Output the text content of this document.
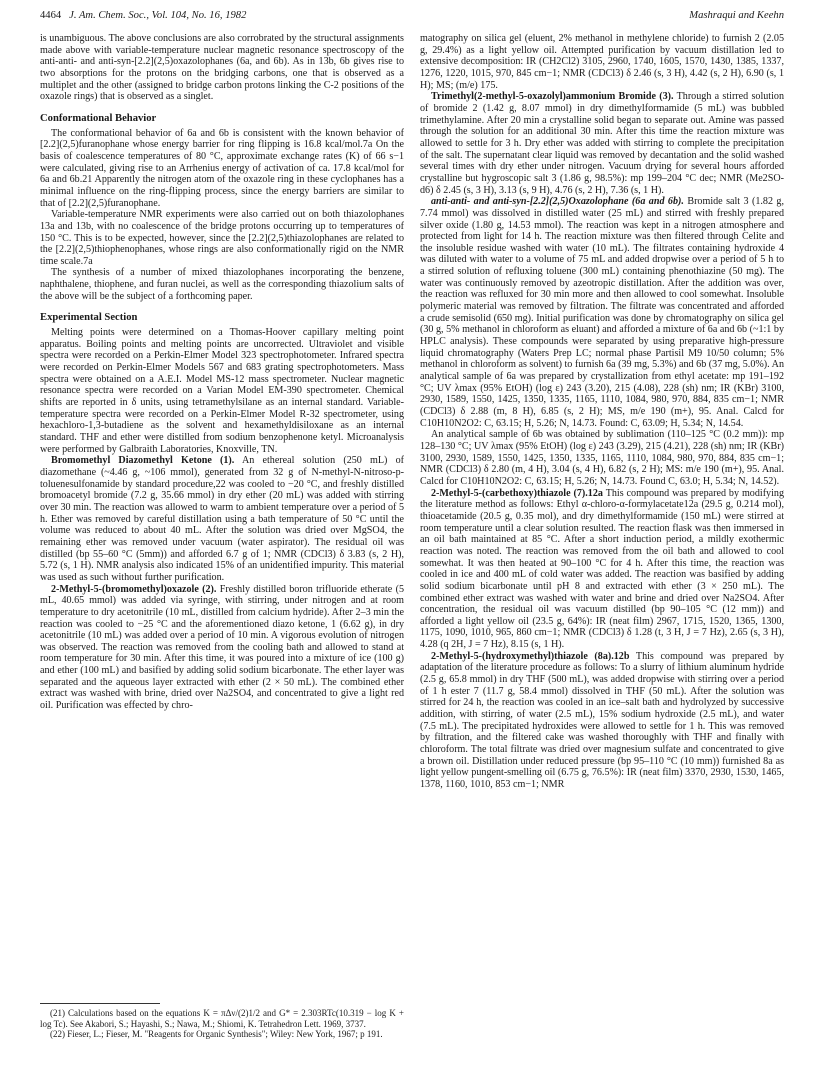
4464 J. Am. Chem. Soc., Vol. 104, No. 16, 1982	Mashraqui and Keehn

is unambiguous. The above conclusions are also corrobrated by the structural assignments made above with variable-temperature nuclear magnetic resonance spectroscopy of the anti-anti- and anti-syn-[2.2](2,5)oxazolophanes (6a, and 6b). As in 13b, 6b gives rise to two absorptions for the protons on the bridging carbons, one that is observed as a multiplet and the other (assigned to bridge carbon protons linking the C-2 positions of the oxazole rings) that is observed as a singlet.

Conformational Behavior

The conformational behavior of 6a and 6b is consistent with the known behavior of [2.2](2,5)furanophane whose energy barrier for ring flipping is 16.8 kcal/mol.7a On the basis of coalescence temperatures of 80 °C, approximate exchange rates (K) of 66 s−1 were calculated, giving rise to an Arrhenius energy of activation of ca. 17.8 kcal/mol for 6a and 6b.21 Apparently the nitrogen atom of the oxazole ring in these cyclophanes has a minimal influence on the ring-flipping process, since the energy barriers are similar to that of [2.2](2,5)furanophane.

Variable-temperature NMR experiments were also carried out on both thiazolophanes 13a and 13b, with no coalescence of the bridge protons occurring up to temperatures of 150 °C. This is to be expected, however, since the [2.2](2,5)thiazolophanes are related to the [2.2](2,5)thiophenophanes, whose rings are also conformationally rigid on the NMR time scale.7a

The synthesis of a number of mixed thiazolophanes incorporating the benzene, naphthalene, thiophene, and furan nuclei, as well as the corresponding thiazolium salts of the above will be the subject of a forthcoming paper.

Experimental Section

Melting points were determined on a Thomas-Hoover capillary melting point apparatus. Boiling points and melting points are uncorrected. Ultraviolet and visible spectra were recorded on a Perkin-Elmer Model 323 spectrophotometer. Infrared spectra were recorded on Perkin-Elmer Models 567 and 683 grating spectrophotometers. Mass spectra were obtained on a A.E.I. Model MS-12 mass spectrometer. Nuclear magnetic resonance spectra were recorded on a Varian Model EM-390 spectrometer. Chemical shifts are reported in δ units, using tetramethylsilane as an internal standard. Variable-temperature spectra were recorded on a Perkin-Elmer Model R-32 spectrometer, using hexachloro-1,3-butadiene as the solvent and hexamethyldisiloxane as an internal standard. THF and ether were distilled from sodium benzophenone ketyl. Microanalysis were performed by Galbraith Laboratories, Knoxville, TN.

Bromomethyl Diazomethyl Ketone (1). An ethereal solution (250 mL) of diazomethane (~4.46 g, ~106 mmol), generated from 32 g of N-methyl-N-nitroso-p-toluenesulfonamide by standard procedure,22 was cooled to −20 °C, and freshly distilled bromoacetyl bromide (7.2 g, 35.66 mmol) in dry ether (20 mL) was added with stirring over 30 min. The reaction was allowed to warm to ambient temperature over a period of 5 h. Ether was removed by careful distillation using a bath temperature of 50 °C until the volume was reduced to about 40 mL. After the solution was dried over MgSO4, the remaining ether was removed under vacuum (water aspirator). The residual oil was distilled (bp 55–60 °C (5mm)) and afforded 6.7 g of 1; NMR (CDCl3) δ 3.83 (s, 2 H), 5.72 (s, 1 H). NMR analysis also indicated 15% of an unidentified impurity. This material was used as such without further purification.

2-Methyl-5-(bromomethyl)oxazole (2). Freshly distilled boron trifluoride etherate (5 mL, 40.65 mmol) was added via syringe, with stirring, under nitrogen and at room temperature to dry acetonitrile (10 mL, distilled from calcium hydride). After 2–3 min the reaction was cooled to −25 °C and the aforementioned diazo ketone, 1 (6.62 g), in dry acetonitrile (10 mL) was added over a period of 10 min. A vigorous evolution of nitrogen was observed. The reaction was removed from the cooling bath and allowed to stand at room temperature for 30 min. After this time, it was poured into a mixture of ice (100 g) and ether (100 mL) and basified by adding solid sodium bicarbonate. The ether layer was separated and the aqueous layer extracted with ether (2 × 50 mL). The combined ether extract was washed with brine, dried over Na2SO4, and concentrated to give a light red oil. Purification was effected by chro-

(21) Calculations based on the equations K = πΔν/(2)1/2 and G* = 2.303RTc(10.319 − log K + log Tc). See Akabori, S.; Hayashi, S.; Nawa, M.; Shiomi, K. Tetrahedron Lett. 1969, 3737.

(22) Fieser, L.; Fieser, M. "Reagents for Organic Synthesis"; Wiley: New York, 1967; p 191.

matography on silica gel (eluent, 2% methanol in methylene chloride) to furnish 2 (2.05 g, 29.4%) as a light yellow oil. Attempted purification by vacuum distillation led to extensive decomposition: IR (CH2Cl2) 3105, 2960, 1740, 1605, 1570, 1430, 1385, 1337, 1276, 1220, 1015, 970, 845 cm−1; NMR (CDCl3) δ 2.46 (s, 3 H), 4.42 (s, 2 H), 6.90 (s, 1 H); MS; (m/e) 175.

Trimethyl(2-methyl-5-oxazolyl)ammonium Bromide (3). Through a stirred solution of bromide 2 (1.42 g, 8.07 mmol) in dry dimethylformamide (5 mL) was bubbled trimethylamine. After 20 min a crystalline solid began to separate out. Amine was passed through the solution for an additional 30 min. After this time the reaction mixture was allowed to settle for 3 h. Dry ether was added with stirring to complete the precipitation of the salt. The supernatant clear liquid was removed by decantation and the solid washed several times with dry ether under nitrogen. Vacuum drying for several hours afforded crystalline but hygroscopic salt 3 (1.86 g, 98.5%): mp 199–204 °C dec; NMR (Me2SO-d6) δ 2.45 (s, 3 H), 3.13 (s, 9 H), 4.76 (s, 2 H), 7.36 (s, 1 H).

anti-anti- and anti-syn-[2.2](2,5)Oxazolophane (6a and 6b). Bromide salt 3 (1.82 g, 7.74 mmol) was dissolved in distilled water (25 mL) and stirred with freshly prepared silver oxide (1.80 g, 14.53 mmol). The reaction was kept in a nitrogen atmosphere and protected from light for 14 h. The reaction mixture was then filtered through Celite and the insoluble residue washed with water (10 mL). The filtrates containing hydroxide 4 was diluted with water to a volume of 75 mL and added dropwise over a period of 5 h to a stirred solution of refluxing toluene (300 mL) containing phenothiazine (50 mg). The water was continuously removed by azeotropic distillation. After the addition was over, the reaction was refluxed for 30 min more and then allowed to cool somewhat. Insoluble polymeric material was removed by filtration. The filtrate was concentrated and afforded a crude semisolid (650 mg). Initial purification was done by chromatography on silica gel (30 g, 5% methanol in chloroform as eluant) and afforded a mixture of 6a and 6b (~1:1 by HPLC analysis). These compounds were separated by using preparative high-pressure liquid chromatography (Waters Prep LC; normal phase Partisil M9 10/50 column; 5% methanol in chloroform as solvent) to furnish 6a (39 mg, 5.3%) and 6b (37 mg, 5.0%). An analytical sample of 6a was prepared by crystallization from ethyl acetate: mp 191–192 °C; UV λmax (95% EtOH) (log ε) 243 (3.20), 215 (4.08), 228 (sh) nm; IR (KBr) 3100, 2930, 1589, 1550, 1425, 1350, 1335, 1165, 1110, 1084, 980, 970, 884, 835 cm−1; NMR (CDCl3) δ 2.88 (m, 8 H), 6.85 (s, 2 H); MS, m/e 190 (m+), 95. Anal. Calcd for C10H10N2O2: C, 63.15; H, 5.26; N, 14.73. Found: C, 63.09; H, 5.34; N, 14.54.

An analytical sample of 6b was obtained by sublimation (110–125 °C (0.2 mm)): mp 128–130 °C; UV λmax (95% EtOH) (log ε) 243 (3.29), 215 (4.21), 228 (sh) nm; IR (KBr) 3100, 2930, 1589, 1550, 1425, 1350, 1335, 1165, 1110, 1084, 980, 970, 884, 835 cm−1; NMR (CDCl3) δ 2.80 (m, 4 H), 3.04 (s, 4 H), 6.82 (s, 2 H); MS: m/e 190 (m+), 95. Anal. Calcd for C10H10N2O2: C, 63.15; H, 5.26; N, 14.73. Found C, 63.0; H, 5.34; N, 14.52).

2-Methyl-5-(carbethoxy)thiazole (7).12a This compound was prepared by modifying the literature method as follows: Ethyl α-chloro-α-formylacetate12a (29.5 g, 0.214 mol), thioacetamide (20.5 g, 0.35 mol), and dry dimethylformamide (150 mL) were stirred at room temperature until a clear solution resulted. The reaction flask was then immersed in an oil bath maintained at 85 °C. After a short induction period, a mildly exothermic reaction was noted. The reaction was removed from the oil bath and allowed to cool somewhat. It was then heated at 90–100 °C for 4 h. After this time, the reaction was cooled in ice and 400 mL of cold water was added. The reaction was basified by adding solid sodium bicarbonate until pH 8 and extracted with ether (3 × 250 mL). The combined ether extract was washed with water and brine and dried over Na2SO4. After concentration, the residual oil was vacuum distilled (bp 90–105 °C (12 mm)) and afforded a light yellow oil (23.5 g, 64%): IR (neat film) 2967, 1715, 1520, 1365, 1300, 1175, 1090, 1010, 965, 860 cm−1; NMR (CDCl3) δ 1.28 (t, 3 H, J = 7 Hz), 2.65 (s, 3 H), 4.28 (q 2H, J = 7 Hz), 8.15 (s, 1 H).

2-Methyl-5-(hydroxymethyl)thiazole (8a).12b This compound was prepared by adaptation of the literature procedure as follows: To a slurry of lithium aluminum hydride (2.5 g, 65.8 mmol) in dry THF (500 mL), was added dropwise with stirring over a period of 1 h ester 7 (11.7 g, 58.4 mmol) dissolved in THF (50 mL). After the solution was stirred for 24 h, the reaction was cooled in an ice–salt bath and hydrolyzed by successive addition, with stirring, of water (2.5 mL), 15% sodium hydroxide (2.5 mL), and water (7.5 mL). The precipitated hydroxides were allowed to settle for 1 h. This was removed by filtration, and the filtered cake was washed thoroughly with THF and finally with chloroform. The total filtrate was dried over magnesium sulfate and concentrated to give a brown oil. Distillation under reduced pressure (bp 95–110 °C (10 mm)) furnished 8a as light yellow pungent-smelling oil (6.75 g, 76.5%): IR (neat film) 3370, 2930, 1530, 1465, 1378, 1160, 1010, 853 cm−1; NMR
